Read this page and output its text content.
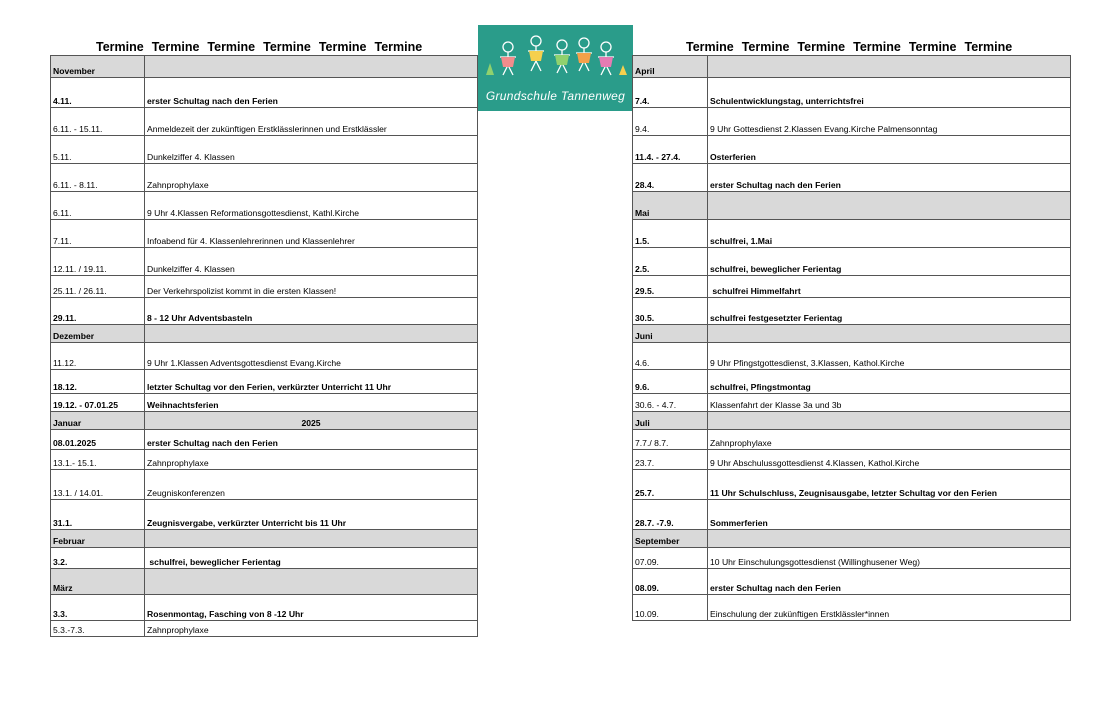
Termine Termine Termine Termine Termine Termine	Termine Termine Termine Termine Termine Termine
Grundschule Tannenweg
November	
4.11.	erster Schultag nach den Ferien
6.11. - 15.11.	Anmeldezeit der zukünftigen Erstklässlerinnen und Erstklässler
5.11.	Dunkelziffer 4. Klassen
6.11. - 8.11.	Zahnprophylaxe
6.11.	9 Uhr 4.Klassen Reformationsgottesdienst, Kathl.Kirche
7.11.	Infoabend für 4. Klassenlehrerinnen und Klassenlehrer
12.11. / 19.11.	Dunkelziffer 4. Klassen
25.11. / 26.11.	Der Verkehrspolizist kommt in die ersten Klassen!
29.11.	8 - 12 Uhr Adventsbasteln
Dezember	
11.12.	9 Uhr 1.Klassen Adventsgottesdienst Evang.Kirche
18.12.	letzter Schultag vor den Ferien, verkürzter Unterricht 11 Uhr
19.12. - 07.01.25	Weihnachtsferien
Januar	2025
08.01.2025	erster Schultag nach den Ferien
13.1.- 15.1.	Zahnprophylaxe
13.1. / 14.01.	Zeugniskonferenzen
31.1.	Zeugnisvergabe, verkürzter Unterricht bis 11 Uhr
Februar	
3.2.	schulfrei, beweglicher Ferientag
März	
3.3.	Rosenmontag, Fasching von 8 -12 Uhr
5.3.-7.3.	Zahnprophylaxe
April	
7.4.	Schulentwicklungstag, unterrichtsfrei
9.4.	9 Uhr Gottesdienst 2.Klassen Evang.Kirche Palmensonntag
11.4. - 27.4.	Osterferien
28.4.	erster Schultag nach den Ferien
Mai	
1.5.	schulfrei, 1.Mai
2.5.	schulfrei, beweglicher Ferientag
29.5.	schulfrei Himmelfahrt
30.5.	schulfrei festgesetzter Ferientag
Juni	
4.6.	9 Uhr Pfingstgottesdienst, 3.Klassen, Kathol.Kirche
9.6.	schulfrei, Pfingstmontag
30.6. - 4.7.	Klassenfahrt der Klasse 3a und 3b
Juli	
7.7./ 8.7.	Zahnprophylaxe
23.7.	9 Uhr Abschulussgottesdienst 4.Klassen, Kathol.Kirche
25.7.	11 Uhr Schulschluss, Zeugnisausgabe, letzter Schultag vor den Ferien
28.7. -7.9.	Sommerferien
September	
07.09.	10 Uhr Einschulungsgottesdienst (Willinghusener Weg)
08.09.	erster Schultag nach den Ferien
10.09.	Einschulung der zukünftigen Erstklässler*innen
